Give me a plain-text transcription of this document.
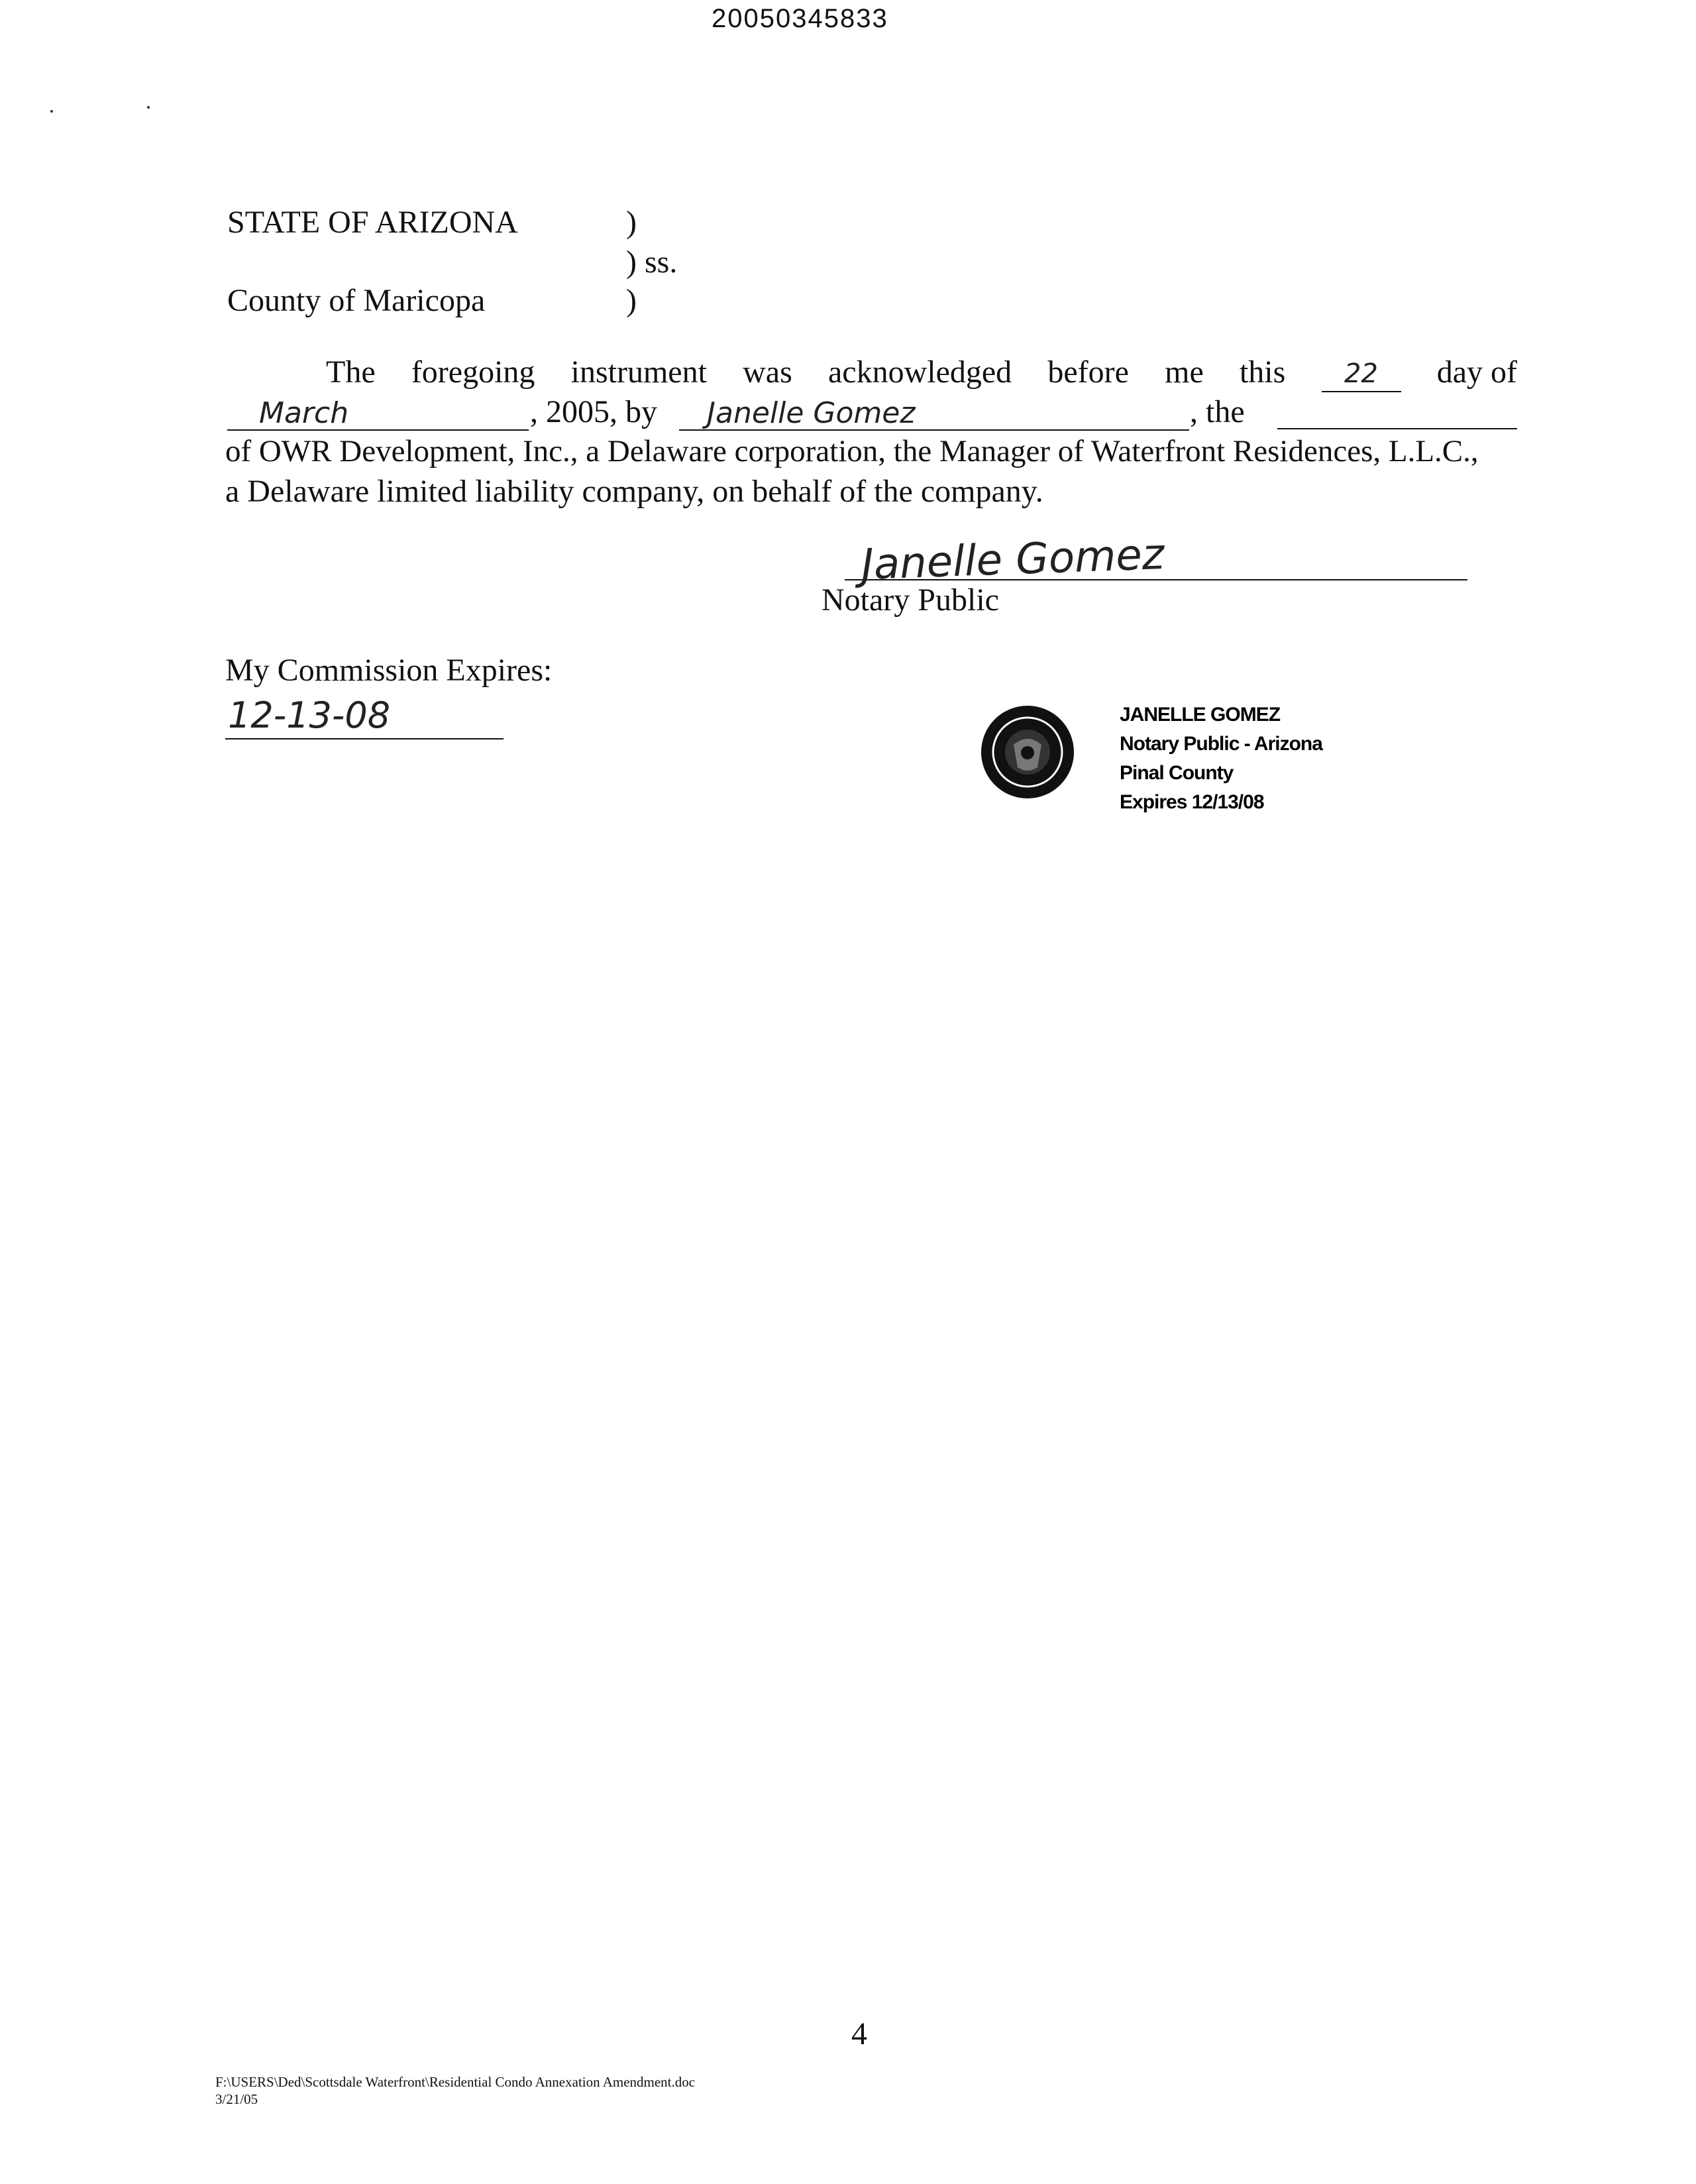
20050345833
STATE OF ARIZONA	)
) ss.
County of Maricopa	)
The foregoing instrument was acknowledged before me this	22	day of
March	, 2005, by Janelle Gomez	, the
of OWR Development, Inc., a Delaware corporation, the Manager of Waterfront Residences, L.L.C.,
a Delaware limited liability company, on behalf of the company.
Janelle Gomez
Notary Public
My Commission Expires:
12-13-08	JANELLE GOMEZ
Notary Public - Arizona
Pinal County
Expires 12/13/08
4
F:\USERS\Ded\Scottsdale Waterfront\Residential Condo Annexation Amendment.doc
3/21/05
